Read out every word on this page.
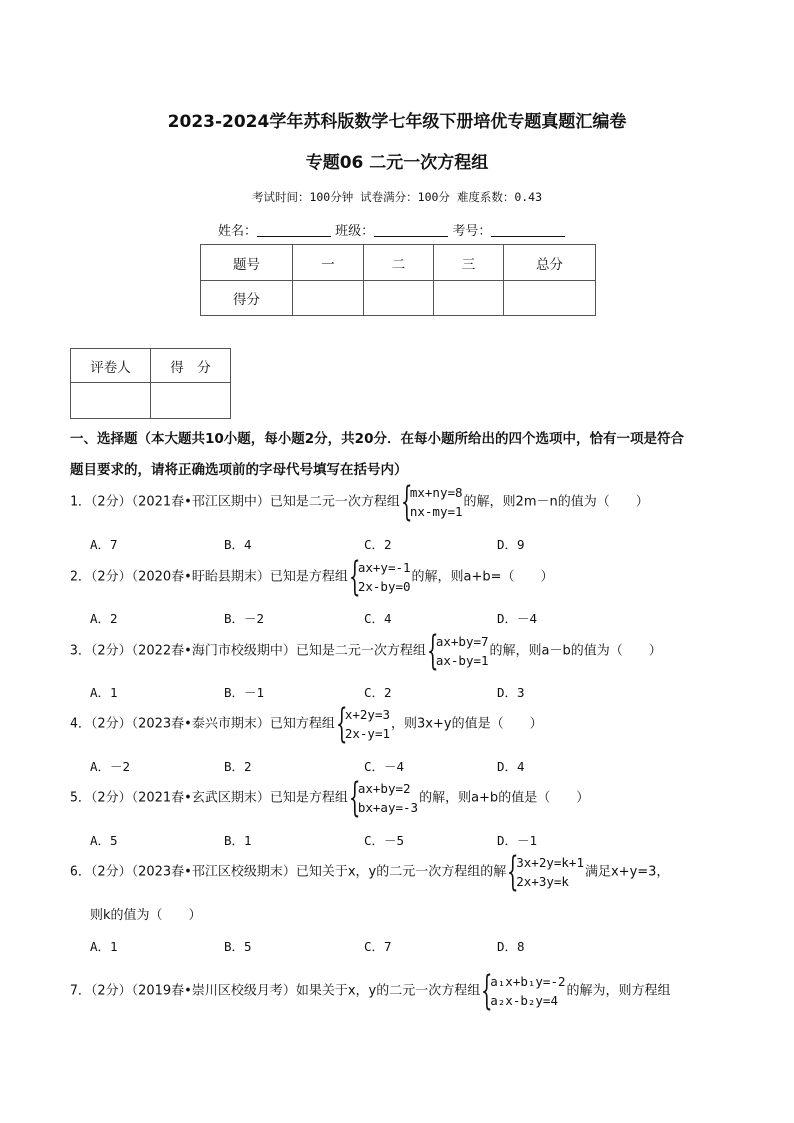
2023-2024学年苏科版数学七年级下册培优专题真题汇编卷
专题06 二元一次方程组
考试时间：100分钟 试卷满分：100分 难度系数：0.43
姓名：	班级：	考号：
题号	一	二	三	总分
得分				
评卷人	得　分

一、选择题（本大题共10小题，每小题2分，共20分．在每小题所给出的四个选项中，恰有一项是符合
题目要求的，请将正确选项前的字母代号填写在括号内）
1．（2分）（2021春•邗江区期中）已知是二元一次方程组 {
mx+ny=8
nx-my=1
的解，则2m－n的值为（　　）
A．7	B．4	C．2	D．9
2．（2分）（2020春•盱眙县期末）已知是方程组 {
ax+y=-1
2x-by=0
的解，则a+b=（　　）
A．2	B．－2	C．4	D．－4
3．（2分）（2022春•海门市校级期中）已知是二元一次方程组 {
ax+by=7
ax-by=1
的解，则a－b的值为（　　）
A．1	B．－1	C．2	D．3
4．（2分）（2023春•泰兴市期末）已知方程组 {
x+2y=3
2x-y=1
，则3x+y的值是（　　）
A．－2	B．2	C．－4	D．4
5．（2分）（2021春•玄武区期末）已知是方程组 {
ax+by=2
bx+ay=-3
的解，则a+b的值是（　　）
A．5	B．1	C．－5	D．－1
6．（2分）（2023春•邗江区校级期末）已知关于x，y的二元一次方程组的解 {
3x+2y=k+1
2x+3y=k
满足x+y=3，
则k的值为（　　）
A．1	B．5	C．7	D．8
7．（2分）（2019春•崇川区校级月考）如果关于x，y的二元一次方程组 {
a₁x+b₁y=-2
a₂x-b₂y=4
的解为，则方程组
